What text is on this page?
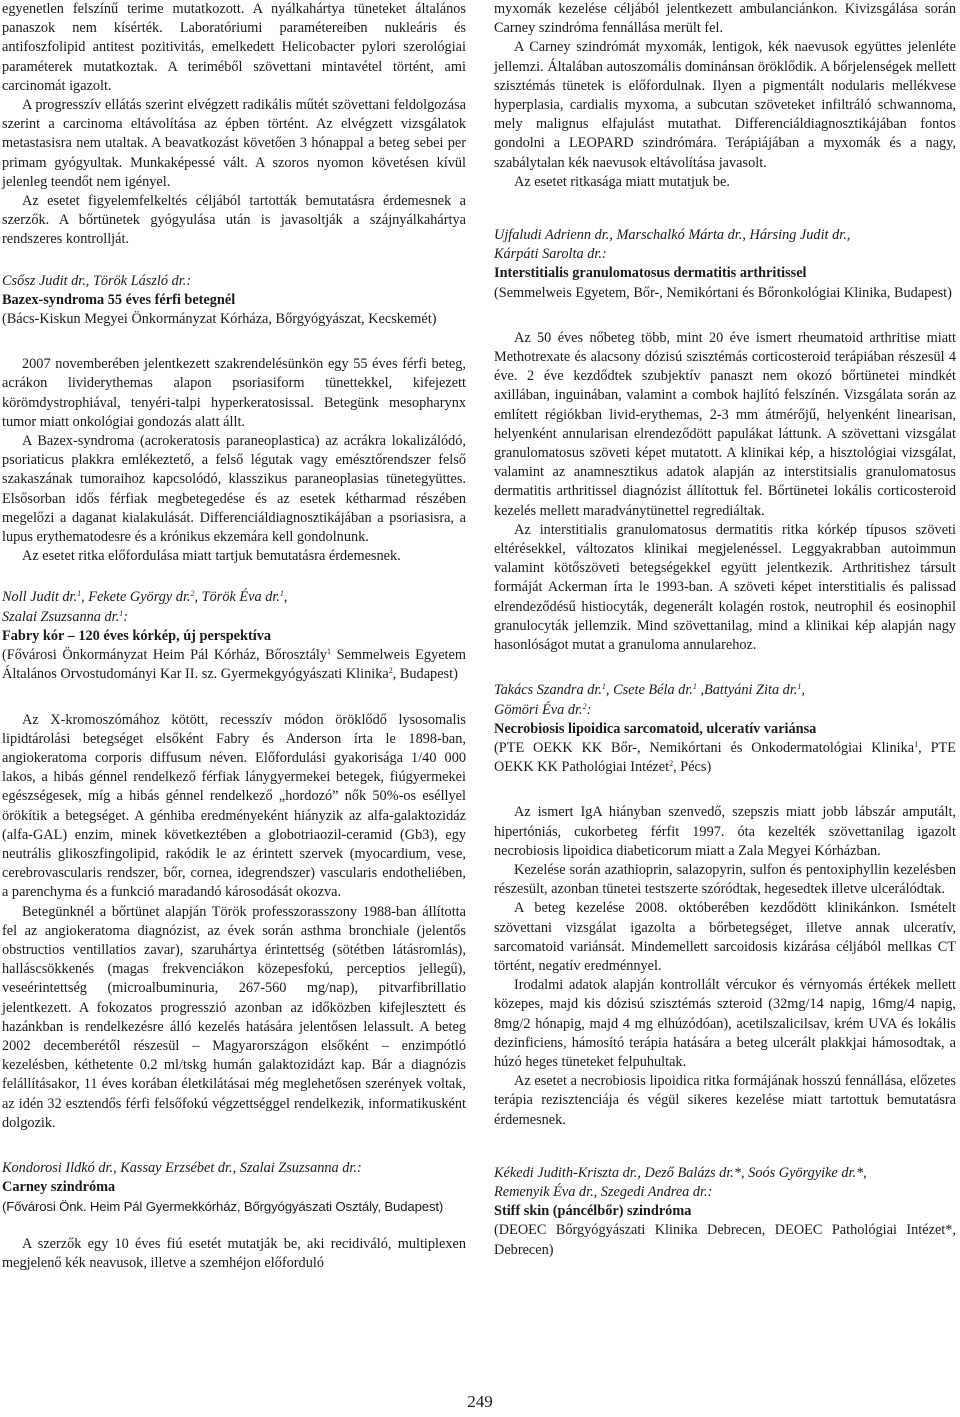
egyenetlen felszínű terime mutatkozott. A nyálkahártya tüneteket általános panaszok nem kísérték. Laboratóriumi paramétereiben nukleáris és antifoszfolipid antitest pozitivitás, emelkedett Helicobacter pylori szerológiai paraméterek mutatkoztak. A teriméből szövettani mintavétel történt, ami carcinomát igazolt.

A progresszív ellátás szerint elvégzett radikális műtét szövettani feldolgozása szerint a carcinoma eltávolítása az épben történt. Az elvégzett vizsgálatok metastasisra nem utaltak. A beavatkozást követően 3 hónappal a beteg sebei per primam gyógyultak. Munkaképessé vált. A szoros nyomon követésen kívül jelenleg teendőt nem igényel.

Az esetet figyelemfelkeltés céljából tartották bemutatásra érdemesnek a szerzők. A bőrtünetek gyógyulása után is javasoltják a szájnyálkahártya rendszeres kontrollját.

Csősz Judit dr., Török László dr.:

Bazex-syndroma 55 éves férfi betegnél

(Bács-Kiskun Megyei Önkormányzat Kórháza, Bőrgyógyászat, Kecskemét)

2007 novemberében jelentkezett szakrendelésünkön egy 55 éves férfi beteg, acrákon lividerythemas alapon psoriasiform tünettekkel, kifejezett körömdystrophiával, tenyéri-talpi hyperkeratosissal. Betegünk mesopharynx tumor miatt onkológiai gondozás alatt állt.

A Bazex-syndroma (acrokeratosis paraneoplastica) az acrákra lokalizálódó, psoriaticus plakkra emlékeztető, a felső légutak vagy emésztőrendszer felső szakaszának tumoraihoz kapcsolódó, klasszikus paraneoplasias tünetegyüttes. Elsősorban idős férfiak megbetegedése és az esetek kétharmad részében megelőzi a daganat kialakulását. Differenciáldiagnosztikájában a psoriasisra, a lupus erythematodesre és a krónikus ekzemára kell gondolnunk.

Az esetet ritka előfordulása miatt tartjuk bemutatásra érdemesnek.

Noll Judit dr.$^1$, Fekete György dr.$^2$, Török Éva dr.$^1$,
Szalai Zsuzsanna dr.$^1$:

Fabry kór – 120 éves kórkép, új perspektíva

(Fővárosi Önkormányzat Heim Pál Kórház, Bőrosztály$^1$ Semmelweis Egyetem Általános Orvostudományi Kar II. sz. Gyermekgyógyászati Klinika$^2$, Budapest)

Az X-kromoszómához kötött, recesszív módon öröklődő lysosomalis lipidtárolási betegséget elsőként Fabry és Anderson írta le 1898-ban, angiokeratoma corporis diffusum néven. Előfordulási gyakorisága 1/40 000 lakos, a hibás génnel rendelkező férfiak lánygyermekei betegek, fiúgyermekei egészségesek, míg a hibás génnel rendelkező „hordozó” nők 50%-os eséllyel örökítik a betegséget. A génhiba eredményeként hiányzik az alfa-galaktozidáz (alfa-GAL) enzim, minek következtében a globotriaozil-ceramid (Gb3), egy neutrális glikoszfingolipid, rakódik le az érintett szervek (myocardium, vese, cerebrovascularis rendszer, bőr, cornea, idegrendszer) vascularis endotheliében, a parenchyma és a funkció maradandó károsodását okozva.

Betegünknél a bőrtünet alapján Török professzorasszony 1988-ban állította fel az angiokeratoma diagnózist, az évek során asthma bronchiale (jelentős obstructios ventillatios zavar), szaruhártya érintettség (sötétben látásromlás), halláscsökkenés (magas frekvenciákon közepesfokú, perceptios jellegű), veseérintettség (microalbuminuria, 267-560 mg/nap), pitvarfibrillatio jelentkezett. A fokozatos progresszió azonban az időközben kifejlesztett és hazánkban is rendelkezésre álló kezelés hatására jelentősen lelassult. A beteg 2002 decemberétől részesül – Magyarországon elsőként – enzimpótló kezelésben, kéthetente 0.2 ml/tskg humán galaktozidázt kap. Bár a diagnózis felállításakor, 11 éves korában életkilátásai még meglehetősen szerények voltak, az idén 32 esztendős férfi felsőfokú végzettséggel rendelkezik, informatikusként dolgozik.

Kondorosi Ildkó dr., Kassay Erzsébet dr., Szalai Zsuzsanna dr.:

Carney szindróma

(Fővárosi Önk. Heim Pál Gyermekkórház, Bőrgyógyászati Osztály, Budapest)

A szerzők egy 10 éves fiú esetét mutatják be, aki recidiváló, multiplexen megjelenő kék neavusok, illetve a szemhéjon előforduló

myxomák kezelése céljából jelentkezett ambulanciánkon. Kivizsgálása során Carney szindróma fennállása merült fel.

A Carney szindrómát myxomák, lentigok, kék naevusok együttes jelenléte jellemzi. Általában autoszomális dominánsan öröklődik. A bőrjelenségek mellett szisztémás tünetek is előfordulnak. Ilyen a pigmentált nodularis mellékvese hyperplasia, cardialis myxoma, a subcutan szöveteket infiltráló schwannoma, mely malignus elfajulást mutathat. Differenciáldiagnosztikájában fontos gondolni a LEOPARD szindrómára. Terápiájában a myxomák és a nagy, szabálytalan kék naevusok eltávolítása javasolt.

Az esetet ritkasága miatt mutatjuk be.

Ujfaludi Adrienn dr., Marschalkó Márta dr., Hársing Judit dr.,
Kárpáti Sarolta dr.:

Interstitialis granulomatosus dermatitis arthritissel

(Semmelweis Egyetem, Bőr-, Nemikórtani és Bőronkológiai Klinika, Budapest)

Az 50 éves nőbeteg több, mint 20 éve ismert rheumatoid arthritise miatt Methotrexate és alacsony dózisú szisztémás corticosteroid terápiában részesül 4 éve. 2 éve kezdődtek szubjektív panaszt nem okozó bőrtünetei mindkét axillában, inguinában, valamint a combok hajlító felszínén. Vizsgálata során az említett régiókban livid-erythemas, 2-3 mm átmérőjű, helyenként linearisan, helyenként annularisan elrendeződött papulákat láttunk. A szövettani vizsgálat granulomatosus szöveti képet mutatott. A klinikai kép, a hisztológiai vizsgálat, valamint az anamnesztikus adatok alapján az interstitsialis granulomatosus dermatitis arthritissel diagnózist állítottuk fel. Bőrtünetei lokális corticosteroid kezelés mellett maradványtünettel regrediáltak.

Az interstitialis granulomatosus dermatitis ritka kórkép típusos szöveti eltérésekkel, változatos klinikai megjelenéssel. Leggyakrabban autoimmun valamint kötőszöveti betegségekkel együtt jelentkezik. Arthritishez társult formáját Ackerman írta le 1993-ban. A szöveti képet interstitialis és palissad elrendeződésű histiocyták, degenerált kolagén rostok, neutrophil és eosinophil granulocyták jellemzik. Mind szövettanilag, mind a klinikai kép alapján nagy hasonlóságot mutat a granuloma annularehoz.

Takács Szandra dr.$^1$, Csete Béla dr.$^1$ ,Battyáni Zita dr.$^1$,
Gömöri Éva dr.$^2$:

Necrobiosis lipoidica sarcomatoid, ulceratív variánsa

(PTE OEKK KK Bőr-, Nemikórtani és Onkodermatológiai Klinika$^1$, PTE OEKK KK Pathológiai Intézet$^2$, Pécs)

Az ismert IgA hiányban szenvedő, szepszis miatt jobb lábszár amputált, hipertóniás, cukorbeteg férfit 1997. óta kezelték szövettanilag igazolt necrobiosis lipoidica diabeticorum miatt a Zala Megyei Kórházban.

Kezelése során azathioprin, salazopyrin, sulfon és pentoxiphyllin kezelésben részesült, azonban tünetei testszerte szóródtak, hegesedtek illetve ulcerálódtak.

A beteg kezelése 2008. októberében kezdődött klinikánkon. Ismételt szövettani vizsgálat igazolta a bőrbetegséget, illetve annak ulceratív, sarcomatoid variánsát. Mindemellett sarcoidosis kizárása céljából mellkas CT történt, negatív eredménnyel.

Irodalmi adatok alapján kontrollált vércukor és vérnyomás értékek mellett közepes, majd kis dózisú szisztémás szteroid (32mg/14 napig, 16mg/4 napig, 8mg/2 hónapig, majd 4 mg elhúzódóan), acetilszalicilsav, krém UVA és lokális dezinficiens, hámosító terápia hatására a beteg ulcerált plakkjai hámosodtak, a húzó heges tüneteket felpuhultak.

Az esetet a necrobiosis lipoidica ritka formájának hosszú fennállása, előzetes terápia rezisztenciája és végül sikeres kezelése miatt tartottuk bemutatásra érdemesnek.

Kékedi Judith-Kriszta dr., Dező Balázs dr.*, Soós Györgyike dr.*,
Remenyik Éva dr., Szegedi Andrea dr.:

Stiff skin (páncélbőr) szindróma

(DEOEC Bőrgyógyászati Klinika Debrecen, DEOEC Pathológiai Intézet*, Debrecen)

249
